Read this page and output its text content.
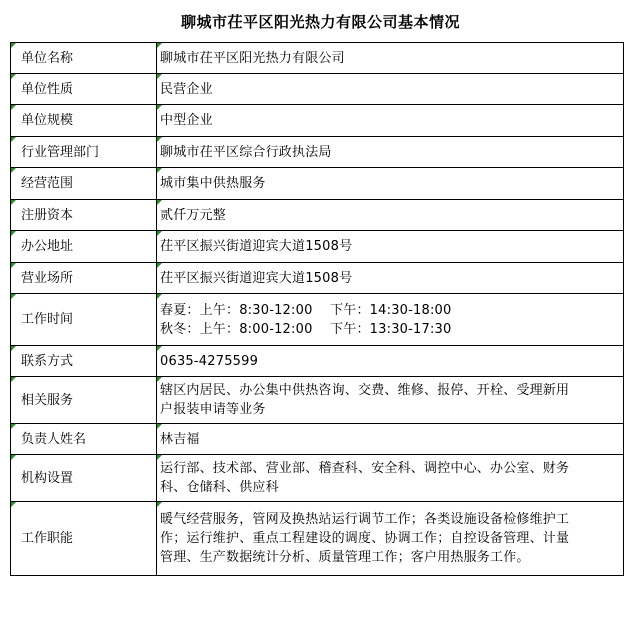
聊城市茌平区阳光热力有限公司基本情况
单位名称	聊城市茌平区阳光热力有限公司

单位性质	民营企业

单位规模	中型企业

行业管理部门	聊城市茌平区综合行政执法局

经营范围	城市集中供热服务

注册资本	贰仟万元整

办公地址	茌平区振兴街道迎宾大道1508号

营业场所	茌平区振兴街道迎宾大道1508号

工作时间	春夏：上午：8:30-12:00　 下午：14:30-18:00
秋冬：上午：8:00-12:00　 下午：13:30-17:30

联系方式	0635-4275599

相关服务	辖区内居民、办公集中供热咨询、交费、维修、报停、开栓、受理新用
户报装申请等业务

负责人姓名	林吉福

机构设置	运行部、技术部、营业部、稽查科、安全科、调控中心、办公室、财务
科、仓储科、供应科

工作职能	暖气经营服务，管网及换热站运行调节工作；各类设施设备检修维护工
作；运行维护、重点工程建设的调度、协调工作；自控设备管理、计量
管理、生产数据统计分析、质量管理工作；客户用热服务工作。
